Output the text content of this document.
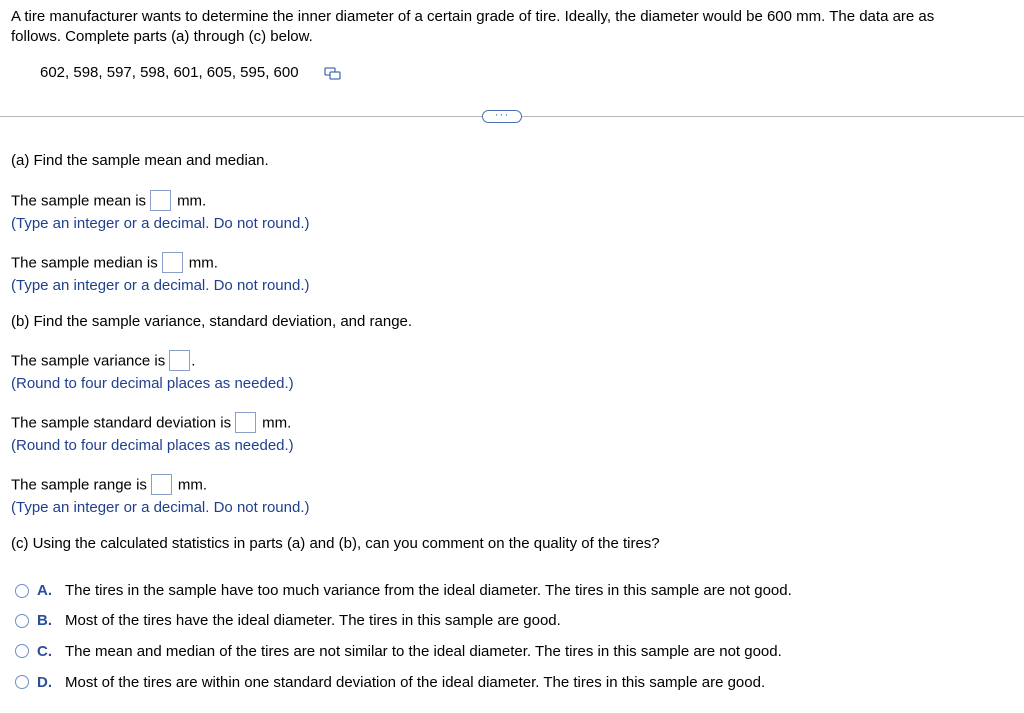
A tire manufacturer wants to determine the inner diameter of a certain grade of tire. Ideally, the diameter would be 600 mm. The data are as
follows. Complete parts (a) through (c) below.
602, 598, 597, 598, 601, 605, 595, 600
···
(a) Find the sample mean and median.
The sample mean is mm.
(Type an integer or a decimal. Do not round.)
The sample median is mm.
(Type an integer or a decimal. Do not round.)
(b) Find the sample variance, standard deviation, and range.
The sample variance is .
(Round to four decimal places as needed.)
The sample standard deviation is mm.
(Round to four decimal places as needed.)
The sample range is mm.
(Type an integer or a decimal. Do not round.)
(c) Using the calculated statistics in parts (a) and (b), can you comment on the quality of the tires?
A. The tires in the sample have too much variance from the ideal diameter. The tires in this sample are not good.
B. Most of the tires have the ideal diameter. The tires in this sample are good.
C. The mean and median of the tires are not similar to the ideal diameter. The tires in this sample are not good.
D. Most of the tires are within one standard deviation of the ideal diameter. The tires in this sample are good.
